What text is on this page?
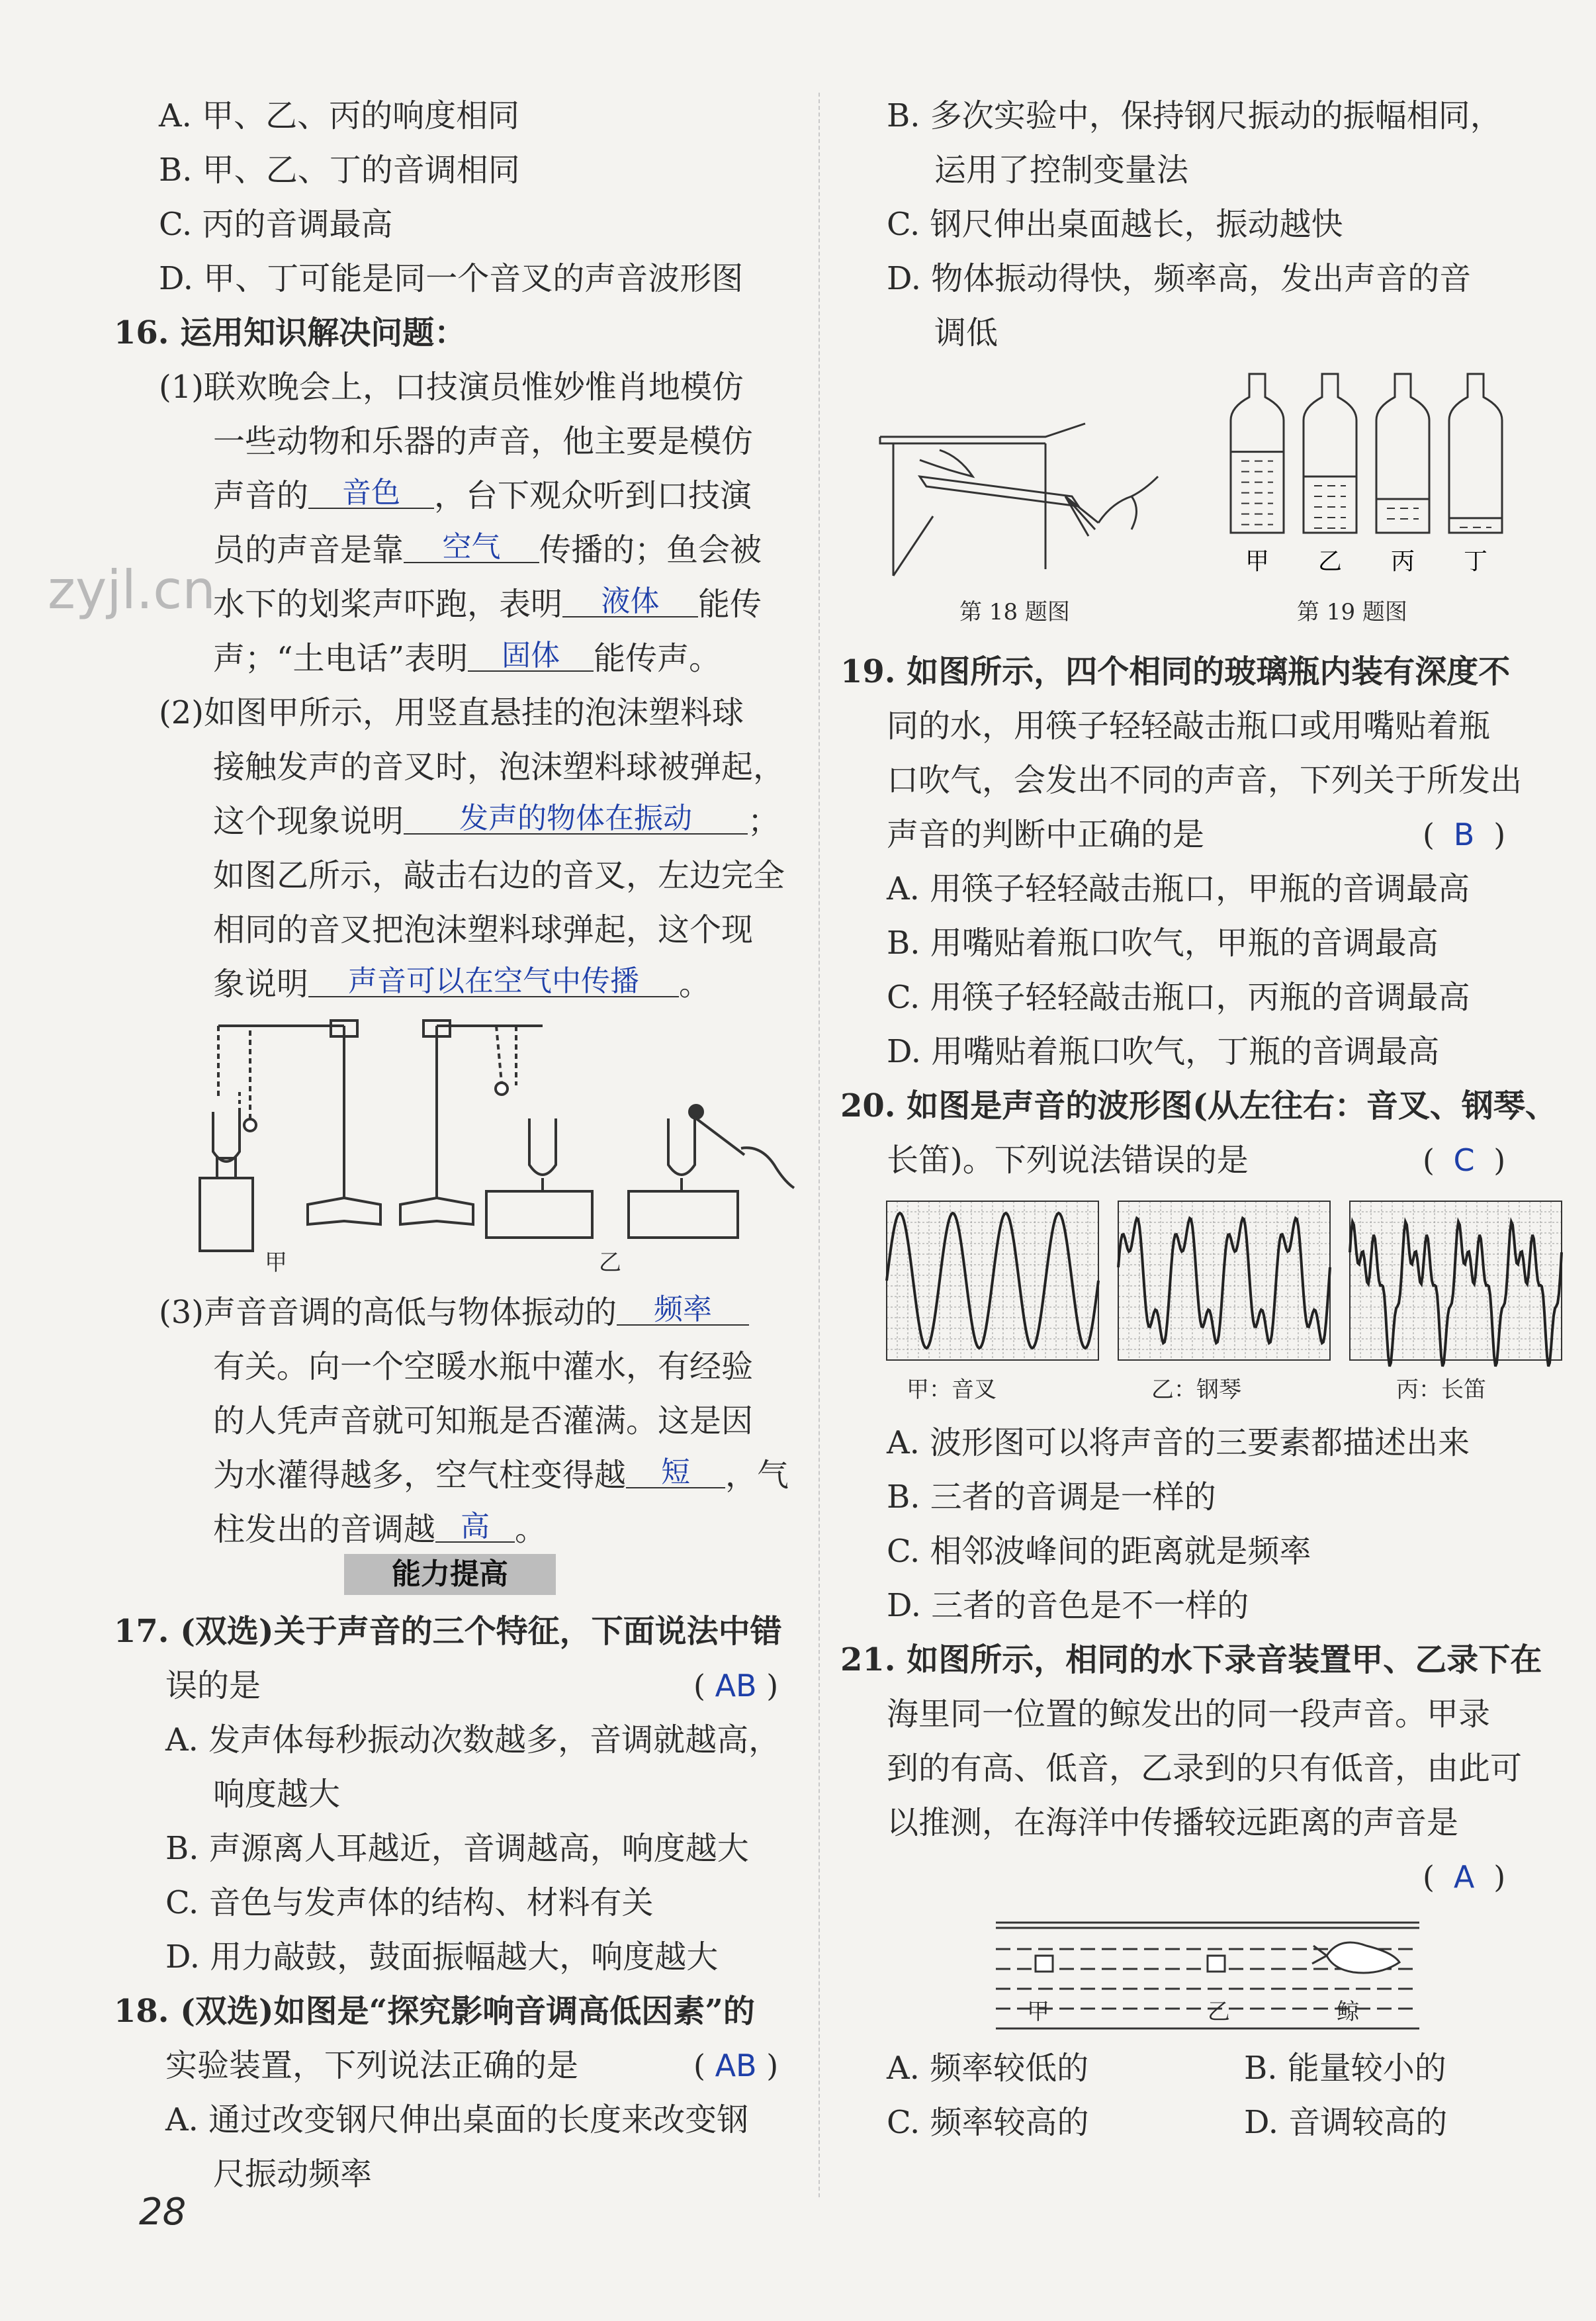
zyjl.cn
A. 甲、乙、丙的响度相同
B. 甲、乙、丁的音调相同
C. 丙的音调最高
D. 甲、丁可能是同一个音叉的声音波形图
16. 运用知识解决问题：
(1)联欢晚会上，口技演员惟妙惟肖地模仿
一些动物和乐器的声音，他主要是模仿
声音的 音色 ，台下观众听到口技演
员的声音是靠 空气 传播的；鱼会被
水下的划桨声吓跑，表明 液体 能传
声；“土电话”表明 固体 能传声。
(2)如图甲所示，用竖直悬挂的泡沫塑料球
接触发声的音叉时，泡沫塑料球被弹起，
这个现象说明 发声的物体在振动 ；
如图乙所示，敲击右边的音叉，左边完全
相同的音叉把泡沫塑料球弹起，这个现
象说明 声音可以在空气中传播 。
甲	乙
(3)声音音调的高低与物体振动的 频率
有关。向一个空暖水瓶中灌水，有经验
的人凭声音就可知瓶是否灌满。这是因
为水灌得越多，空气柱变得越 短 ，气
柱发出的音调越 高 。
能力提高
17. (双选)关于声音的三个特征，下面说法中错
误的是	( AB )
A. 发声体每秒振动次数越多，音调就越高，
响度越大
B. 声源离人耳越近，音调越高，响度越大
C. 音色与发声体的结构、材料有关
D. 用力敲鼓，鼓面振幅越大，响度越大
18. (双选)如图是“探究影响音调高低因素”的
实验装置，下列说法正确的是	( AB )
A. 通过改变钢尺伸出桌面的长度来改变钢
尺振动频率
28
B. 多次实验中，保持钢尺振动的振幅相同，
运用了控制变量法
C. 钢尺伸出桌面越长，振动越快
D. 物体振动得快，频率高，发出声音的音
调低
第 18 题图
甲 乙 丙 丁
第 19 题图
19. 如图所示，四个相同的玻璃瓶内装有深度不
同的水，用筷子轻轻敲击瓶口或用嘴贴着瓶
口吹气，会发出不同的声音，下列关于所发出
声音的判断中正确的是	( B )
A. 用筷子轻轻敲击瓶口，甲瓶的音调最高
B. 用嘴贴着瓶口吹气，甲瓶的音调最高
C. 用筷子轻轻敲击瓶口，丙瓶的音调最高
D. 用嘴贴着瓶口吹气，丁瓶的音调最高
20. 如图是声音的波形图(从左往右：音叉、钢琴、
长笛)。下列说法错误的是	( C )
甲：音叉	乙：钢琴	丙：长笛
A. 波形图可以将声音的三要素都描述出来
B. 三者的音调是一样的
C. 相邻波峰间的距离就是频率
D. 三者的音色是不一样的
21. 如图所示，相同的水下录音装置甲、乙录下在
海里同一位置的鲸发出的同一段声音。甲录
到的有高、低音，乙录到的只有低音，由此可
以推测，在海洋中传播较远距离的声音是
( A )
甲	乙	鲸
A. 频率较低的	B. 能量较小的
C. 频率较高的	D. 音调较高的
